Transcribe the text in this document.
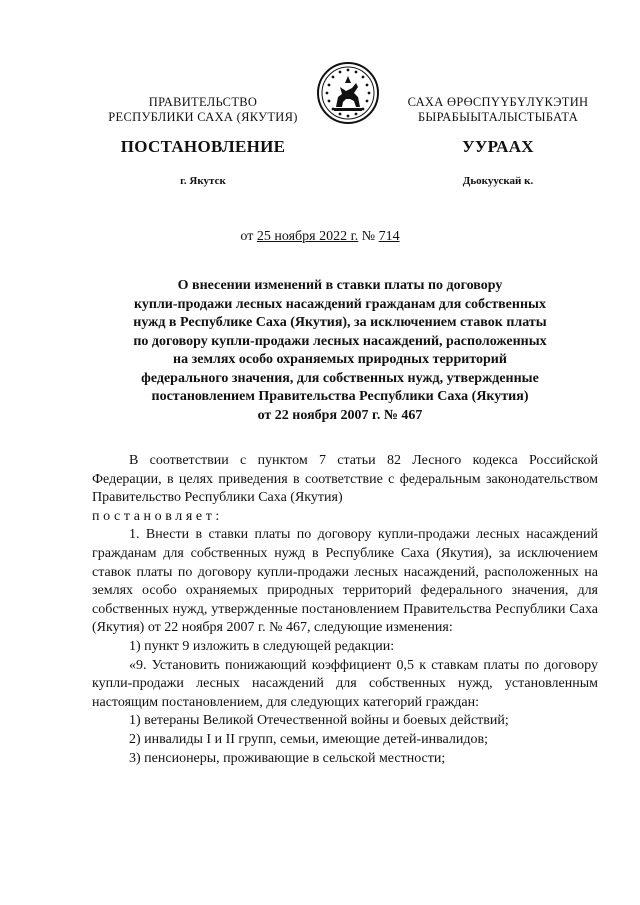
ПРАВИТЕЛЬСТВО
РЕСПУБЛИКИ САХА (ЯКУТИЯ)
САХА ӨРӨСПҮҮБҮЛҮКЭТИН
БЫРАБЫЫТАЛЫСТЫБАТА
ПОСТАНОВЛЕНИЕ	УУРААХ
г. Якутск	Дьокуускай к.
от 25 ноября 2022 г. № 714
О внесении изменений в ставки платы по договору
купли-продажи лесных насаждений гражданам для собственных
нужд в Республике Саха (Якутия), за исключением ставок платы
по договору купли-продажи лесных насаждений, расположенных
на землях особо охраняемых природных территорий
федерального значения, для собственных нужд, утвержденные
постановлением Правительства Республики Саха (Якутия)
от 22 ноября 2007 г. № 467

В соответствии с пунктом 7 статьи 82 Лесного кодекса Российской Федерации, в целях приведения в соответствие с федеральным законодательством Правительство Республики Саха (Якутия)

постановляет:

1. Внести в ставки платы по договору купли-продажи лесных насаждений гражданам для собственных нужд в Республике Саха (Якутия), за исключением ставок платы по договору купли-продажи лесных насаждений, расположенных на землях особо охраняемых природных территорий федерального значения, для собственных нужд, утвержденные постановлением Правительства Республики Саха (Якутия) от 22 ноября 2007 г. № 467, следующие изменения:

1) пункт 9 изложить в следующей редакции:

«9. Установить понижающий коэффициент 0,5 к ставкам платы по договору купли-продажи лесных насаждений для собственных нужд, установленным настоящим постановлением, для следующих категорий граждан:

1) ветераны Великой Отечественной войны и боевых действий;

2) инвалиды I и II групп, семьи, имеющие детей-инвалидов;

3) пенсионеры, проживающие в сельской местности;
